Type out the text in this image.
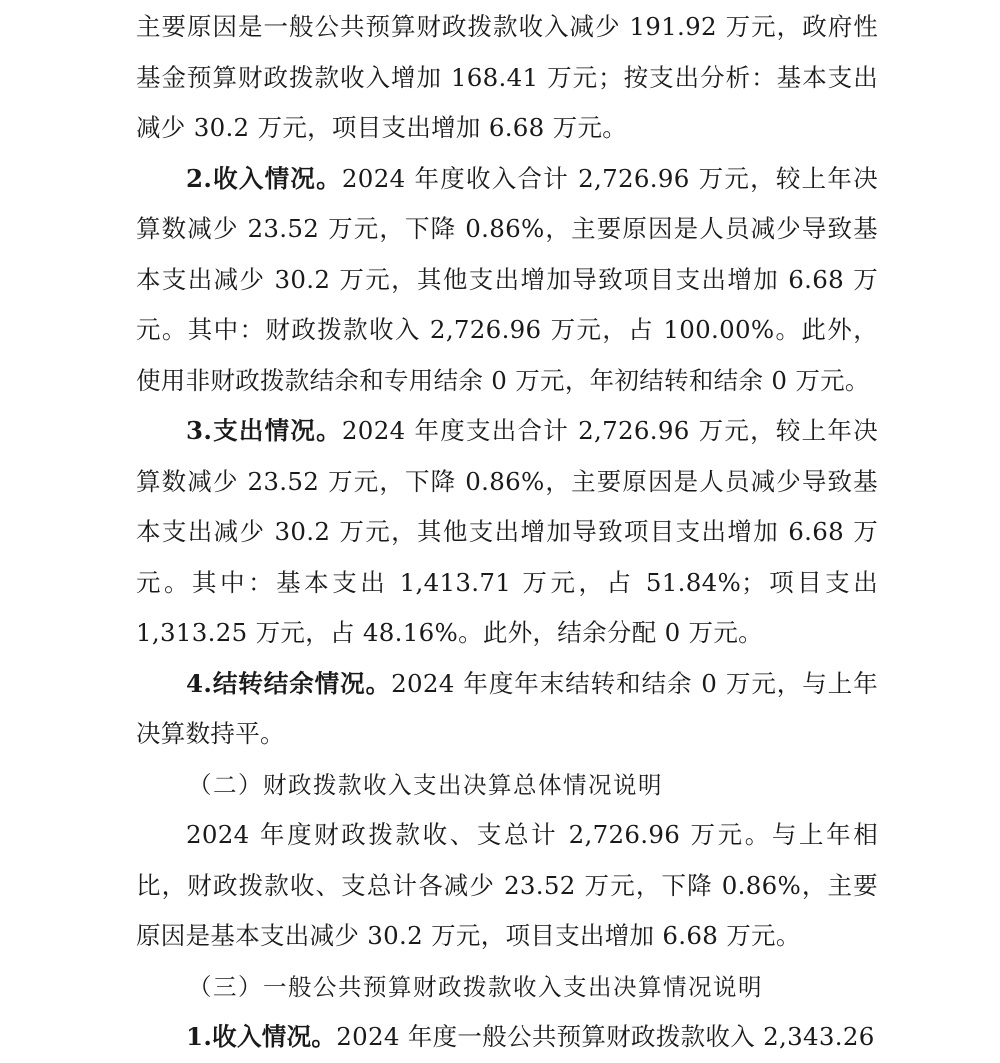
主要原因是一般公共预算财政拨款收入减少 191.92 万元，政府性基金预算财政拨款收入增加 168.41 万元；按支出分析：基本支出减少 30.2 万元，项目支出增加 6.68 万元。

2.收入情况。2024 年度收入合计 2,726.96 万元，较上年决算数减少 23.52 万元，下降 0.86%，主要原因是人员减少导致基本支出减少 30.2 万元，其他支出增加导致项目支出增加 6.68 万元。其中：财政拨款收入 2,726.96 万元，占 100.00%。此外，使用非财政拨款结余和专用结余 0 万元，年初结转和结余 0 万元。

3.支出情况。2024 年度支出合计 2,726.96 万元，较上年决算数减少 23.52 万元，下降 0.86%，主要原因是人员减少导致基本支出减少 30.2 万元，其他支出增加导致项目支出增加 6.68 万元。其中：基本支出 1,413.71 万元，占 51.84%；项目支出 1,313.25 万元，占 48.16%。此外，结余分配 0 万元。

4.结转结余情况。2024 年度年末结转和结余 0 万元，与上年决算数持平。

（二）财政拨款收入支出决算总体情况说明

2024 年度财政拨款收、支总计 2,726.96 万元。与上年相比，财政拨款收、支总计各减少 23.52 万元，下降 0.86%，主要原因是基本支出减少 30.2 万元，项目支出增加 6.68 万元。

（三）一般公共预算财政拨款收入支出决算情况说明

1.收入情况。2024 年度一般公共预算财政拨款收入 2,343.26
